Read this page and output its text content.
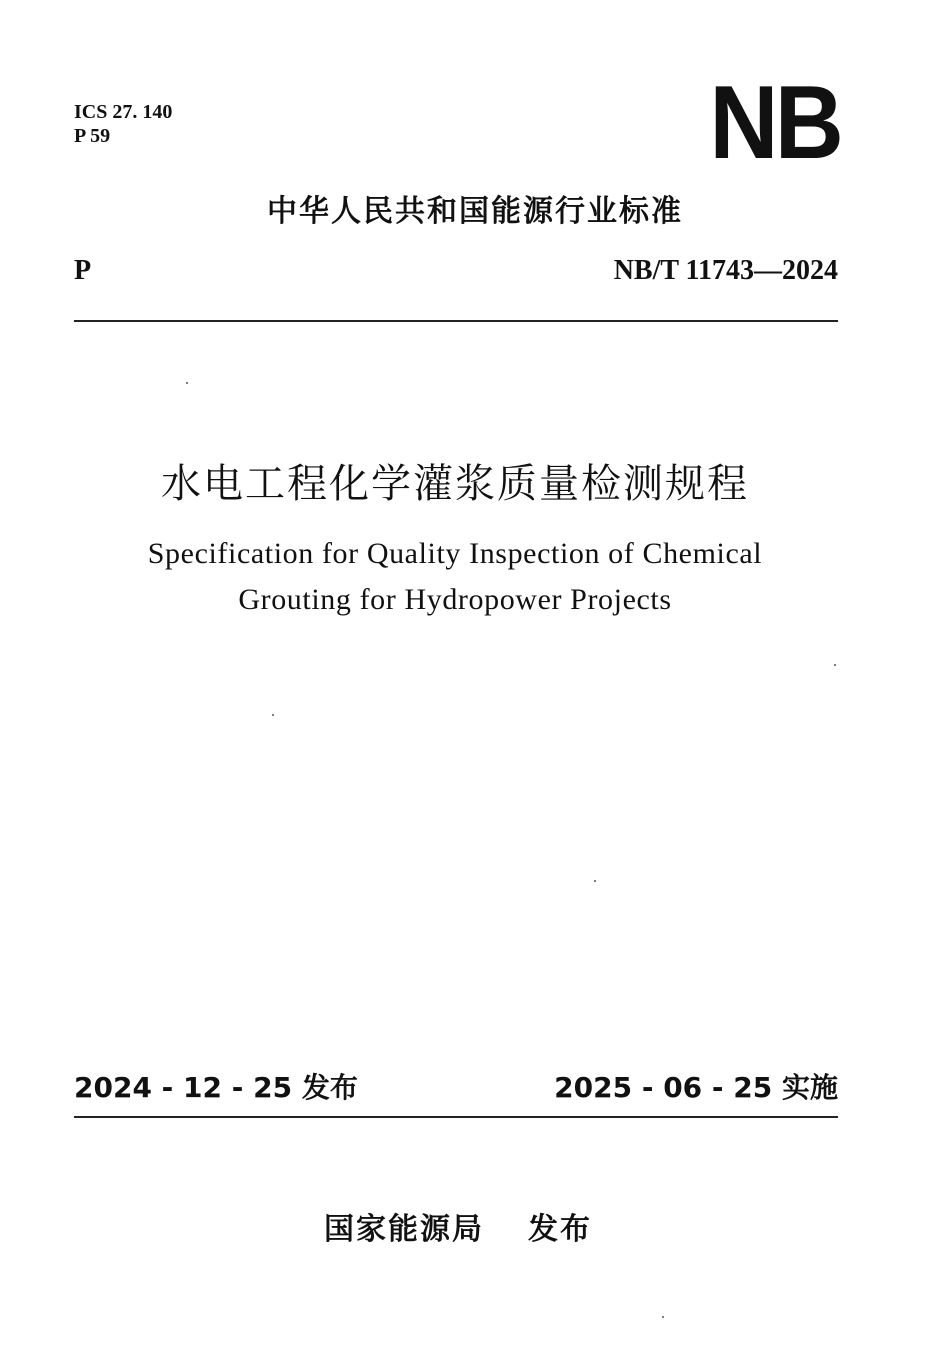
ICS 27. 140
P 59	NB
中华人民共和国能源行业标准
P	NB/T 11743—2024
水电工程化学灌浆质量检测规程
Specification for Quality Inspection of Chemical
Grouting for Hydropower Projects
2024 - 12 - 25 发布	2025 - 06 - 25 实施
国家能源局 发布
